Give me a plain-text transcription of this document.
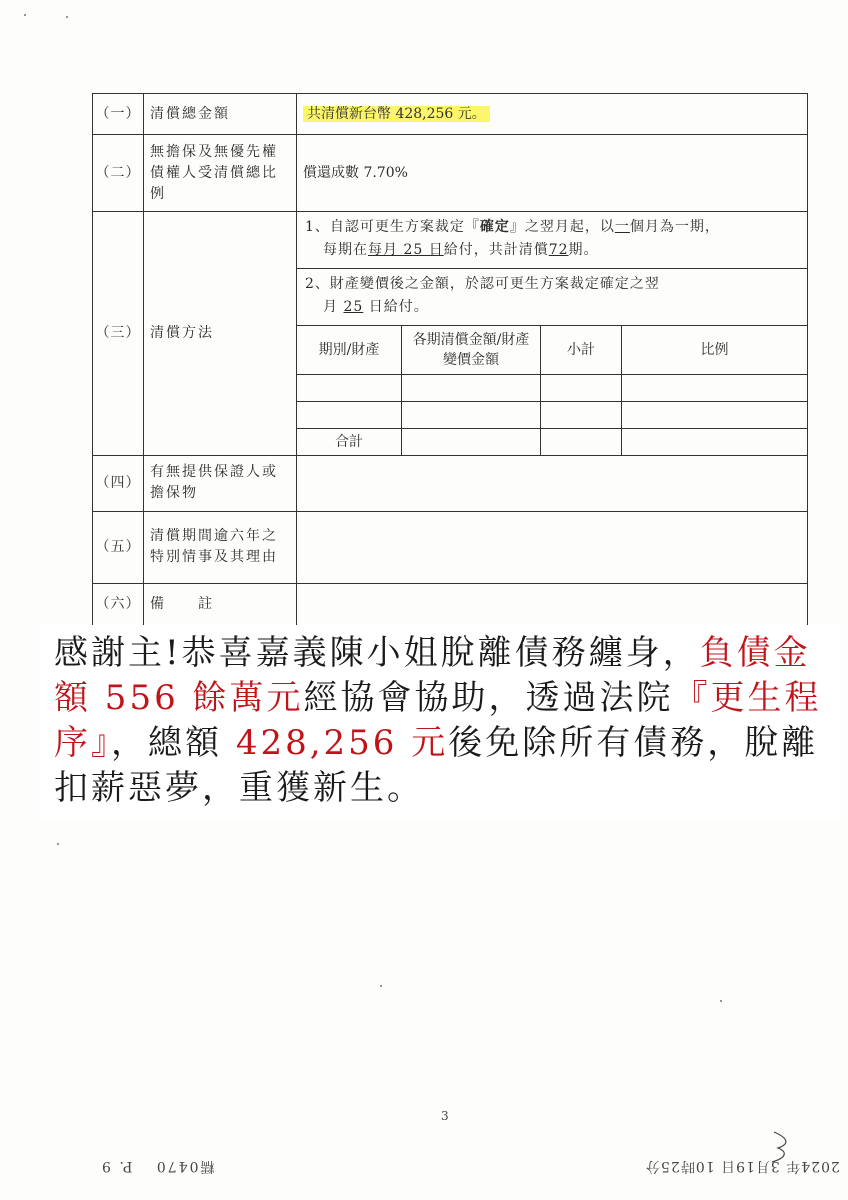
（一）	清償總金額	共清償新台幣 428,256 元。
（二）	無擔保及無優先權債權人受清償總比例	償還成數 7.70%
（三）	清償方法	
1、自認可更生方案裁定『確定』之翌月起，以一個月為一期，
每期在每月 25 日給付，共計清償72期。
2、財產變價後之金額，於認可更生方案裁定確定之翌
月 25 日給付。
期別/財產	各期清償金額/財產變價金額	小計	比例

合計			

（四）	有無提供保證人或擔保物	
（五）	清償期間逾六年之特別情事及其理由	
（六）	備　　註	
感謝主!恭喜嘉義陳小姐脫離債務纏身，負債金額 556 餘萬元經協會協助，透過法院『更生程序』，總額 428,256 元後免除所有債務，脫離扣薪惡夢，重獲新生。
3
糯0470　 P. 9	2024年 3月19日 10時25分
